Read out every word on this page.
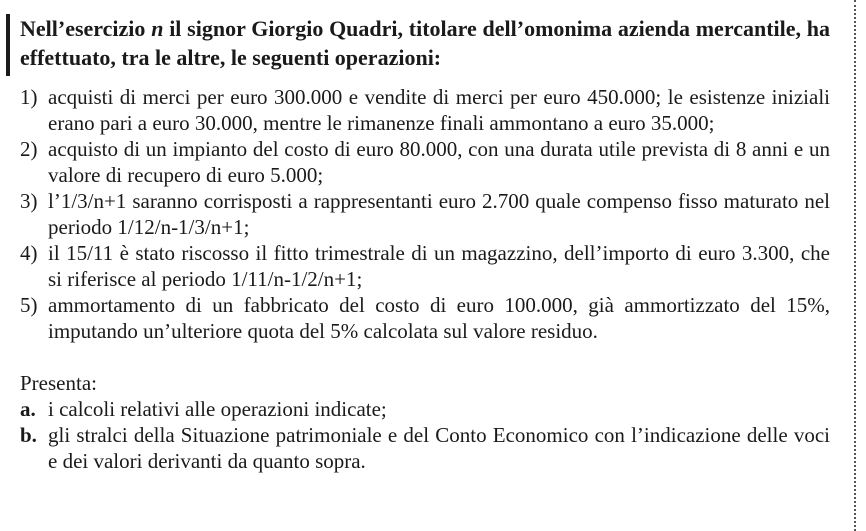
Nell’esercizio n il signor Giorgio Quadri, titolare dell’omonima azienda mercantile, ha effettuato, tra le altre, le seguenti operazioni:

1) acquisti di merci per euro 300.000 e vendite di merci per euro 450.000; le esistenze iniziali erano pari a euro 30.000, mentre le rimanenze finali ammontano a euro 35.000;
2) acquisto di un impianto del costo di euro 80.000, con una durata utile prevista di 8 anni e un valore di recupero di euro 5.000;
3) l’1/3/n+1 saranno corrisposti a rappresentanti euro 2.700 quale compenso fisso maturato nel periodo 1/12/n-1/3/n+1;
4) il 15/11 è stato riscosso il fitto trimestrale di un magazzino, dell’importo di euro 3.300, che si riferisce al periodo 1/11/n-1/2/n+1;
5) ammortamento di un fabbricato del costo di euro 100.000, già ammortizzato del 15%, imputando un’ulteriore quota del 5% calcolata sul valore residuo.

Presenta:

a. i calcoli relativi alle operazioni indicate;
b. gli stralci della Situazione patrimoniale e del Conto Economico con l’indicazione delle voci e dei valori derivanti da quanto sopra.
